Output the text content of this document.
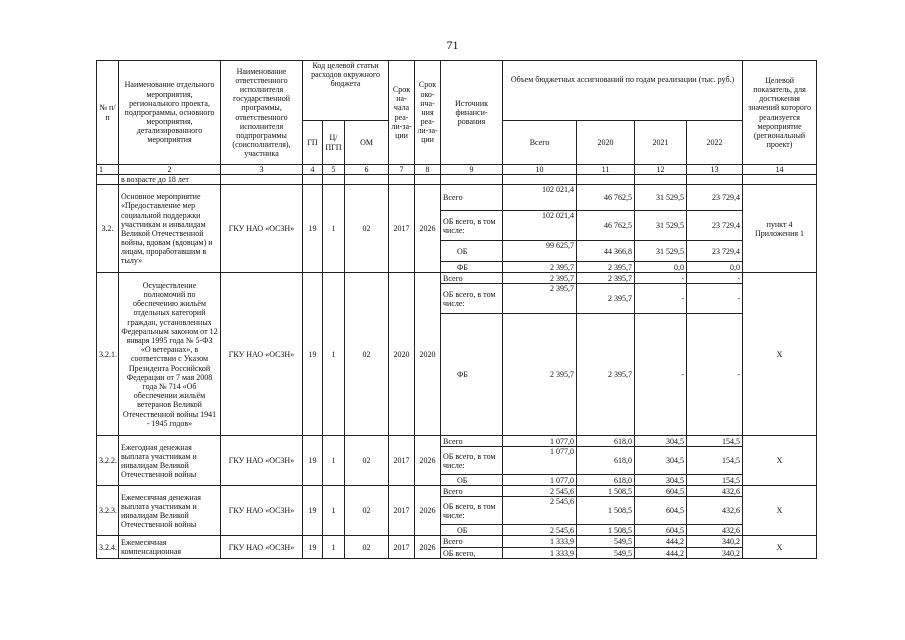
71
№ п/п	Наименование отдельного мероприятия, регионального проекта, подпрограммы, основного мероприятия, детализированного мероприятия	Наименование ответственного исполнителя государственной программы, ответственного исполнителя подпрограммы (соисполнителя), участника	Код целевой статьи расходов окружного бюджета			Срок на-чала реа-ли-за-ции	Срок око-нча-ния реа-ли-за-ции	Источник финанси-рования	Объем бюджетных ассигнований по годам реализации (тыс. руб.)				Целевой показатель, для достижения значений которого реализуется мероприятие (региональный проект)
			ГП	Ц/ПГП	ОМ				Всего	2020	2021	2022	
1	2	3	4	5	6	7	8	9	10	11	12	13	14
	в возрасте до 18 лет												
3.2.	Основное мероприятие «Предоставление мер социальной поддержки участникам и инвалидам Великой Отечественной войны, вдовам (вдовцам) и лицам, проработавшим в тылу»	ГКУ НАО «ОСЗН»	19	1	02	2017	2026	Всего	102 021,4	46 762,5	31 529,5	23 729,4	пункт 4 Приложения 1
								ОБ всего, в том числе:	102 021,4	46 762,5	31 529,5	23 729,4	
								ОБ	99 625,7	44 366,8	31 529,5	23 729,4	
								ФБ	2 395,7	2 395,7	0,0	0,0	
3.2.1.	Осуществление полномочий по обеспечению жильём отдельных категорий граждан, установленных Федеральным законом от 12 января 1995 года № 5-ФЗ «О ветеранах», в соответствии с Указом Президента Российской Федерации от 7 мая 2008 года № 714 «Об обеспечении жильём ветеранов Великой Отечественной войны 1941 - 1945 годов»	ГКУ НАО «ОСЗН»	19	1	02	2020	2020	Всего	2 395,7	2 395,7	-	-	Х
								ОБ всего, в том числе:	2 395,7	2 395,7	-	-	
								ФБ	2 395,7	2 395,7	-	-	
3.2.2.	Ежегодная денежная выплата участникам и инвалидам Великой Отечественной войны	ГКУ НАО «ОСЗН»	19	1	02	2017	2026	Всего	1 077,0	618,0	304,5	154,5	Х
								ОБ всего, в том числе:	1 077,0	618,0	304,5	154,5	
								ОБ	1 077,0	618,0	304,5	154,5	
3.2.3.	Ежемесячная денежная выплата участникам и инвалидам Великой Отечественной войны	ГКУ НАО «ОСЗН»	19	1	02	2017	2026	Всего	2 545,6	1 508,5	604,5	432,6	Х
								ОБ всего, в том числе:	2 545,6	1 508,5	604,5	432,6	
								ОБ	2 545,6	1 508,5	604,5	432,6	
3.2.4.	Ежемесячная компенсационная	ГКУ НАО «ОСЗН»	19	1	02	2017	2026	Всего	1 333,9	549,5	444,2	340,2	Х
								ОБ всего,	1 333,9	549,5	444,2	340,2	
